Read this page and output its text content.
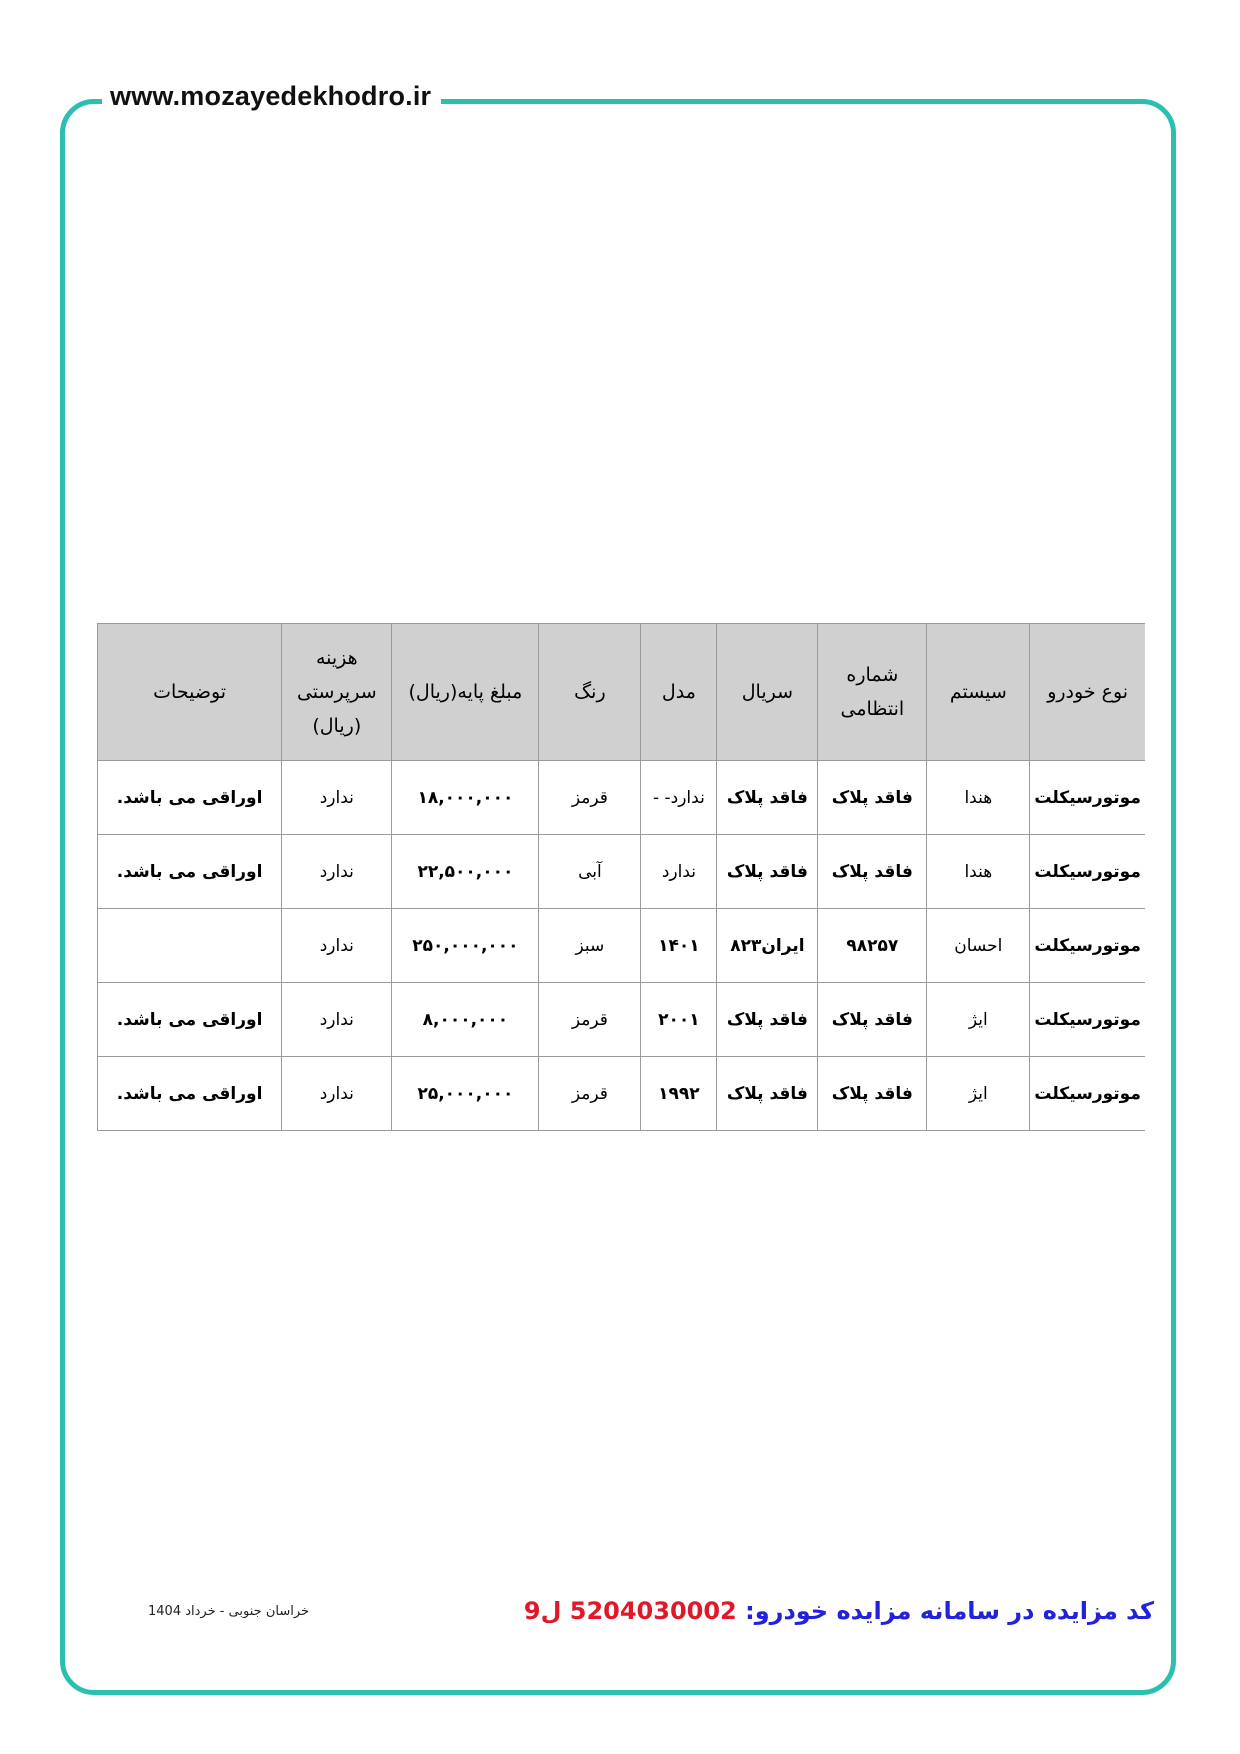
www.mozayedekhodro.ir
نوع خودرو	سیستم	شماره انتظامی	سریال	مدل	رنگ	مبلغ پایه(ریال)	هزینه سرپرستی (ریال)	توضیحات
موتورسیکلت	هندا	فاقد پلاک	فاقد پلاک	ندارد- -	قرمز	۱۸,۰۰۰,۰۰۰	ندارد	اوراقی می باشد.
موتورسیکلت	هندا	فاقد پلاک	فاقد پلاک	ندارد	آبی	۲۲,۵۰۰,۰۰۰	ندارد	اوراقی می باشد.
موتورسیکلت	احسان	۹۸۲۵۷	ایران۸۲۳	۱۴۰۱	سبز	۲۵۰,۰۰۰,۰۰۰	ندارد	
موتورسیکلت	ایژ	فاقد پلاک	فاقد پلاک	۲۰۰۱	قرمز	۸,۰۰۰,۰۰۰	ندارد	اوراقی می باشد.
موتورسیکلت	ایژ	فاقد پلاک	فاقد پلاک	۱۹۹۲	قرمز	۲۵,۰۰۰,۰۰۰	ندارد	اوراقی می باشد.
خراسان جنوبی - خرداد 1404	کد مزایده در سامانه مزایده خودرو: 5204030002 ل9
